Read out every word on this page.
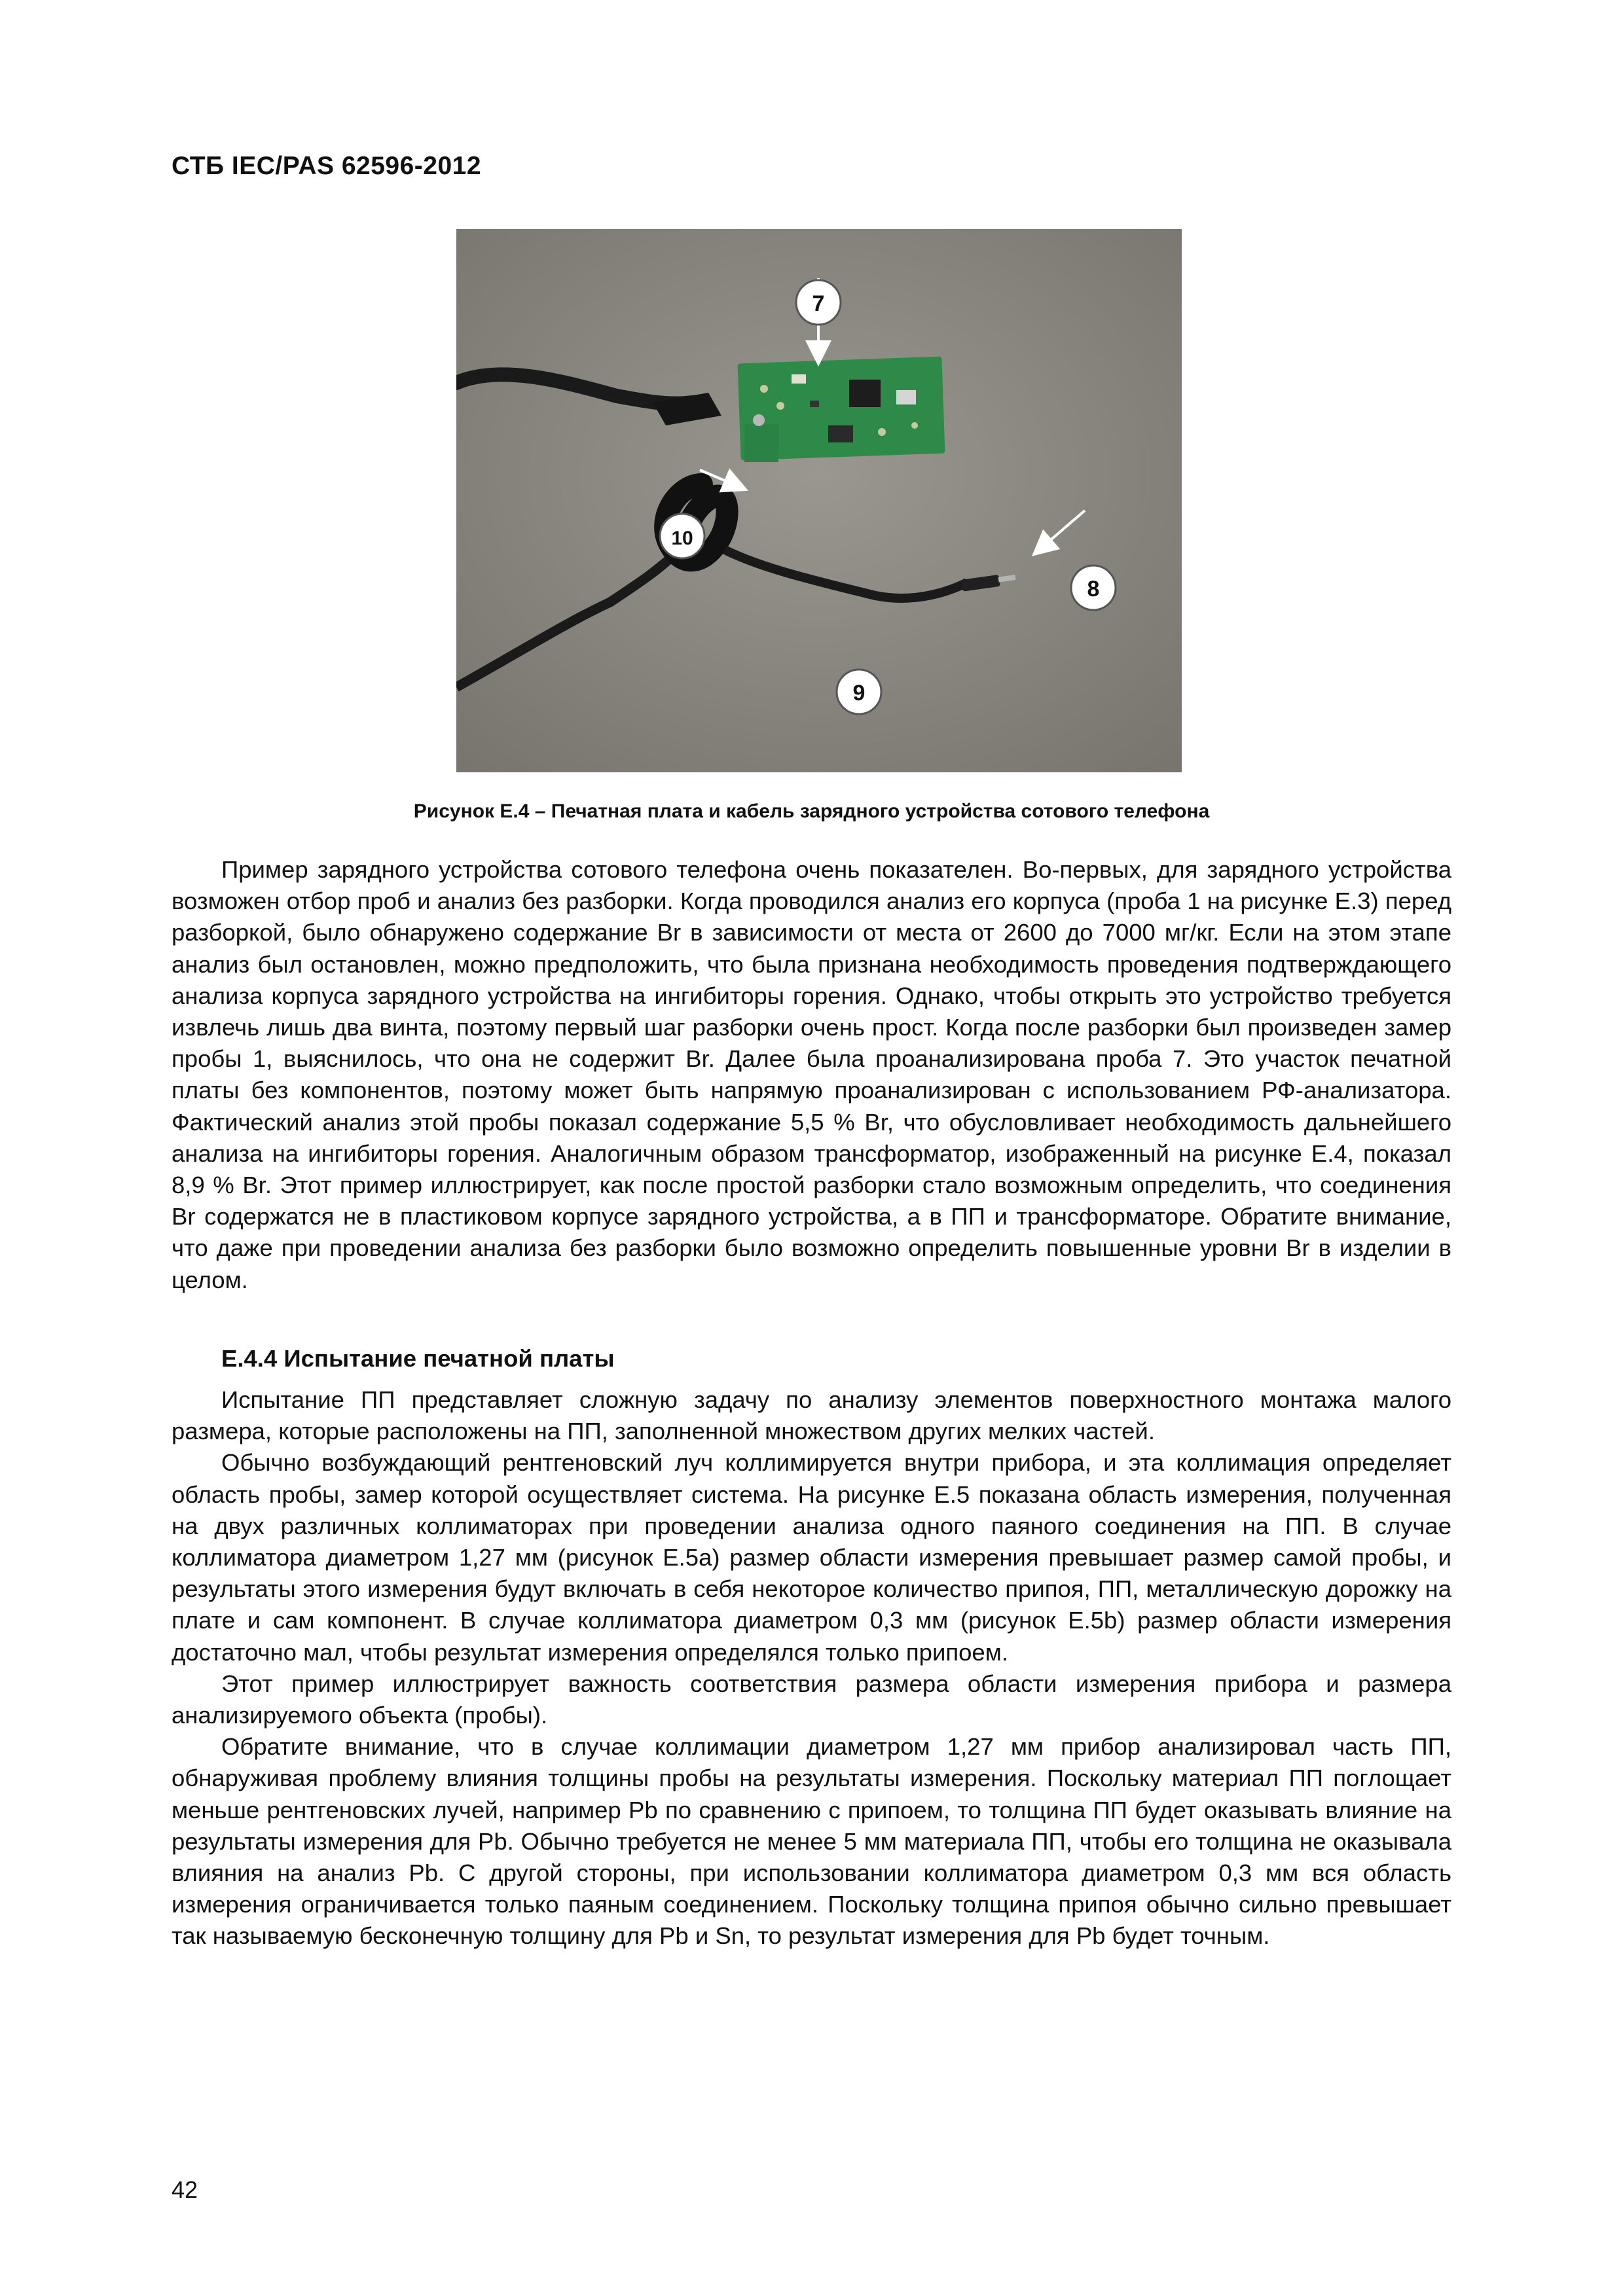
СТБ IEC/PAS 62596-2012
7
10
8
9
Рисунок Е.4 – Печатная плата и кабель зарядного устройства сотового телефона

Пример зарядного устройства сотового телефона очень показателен. Во-первых, для зарядного устройства возможен отбор проб и анализ без разборки. Когда проводился анализ его корпуса (проба 1 на рисунке Е.3) перед разборкой, было обнаружено содержание Br в зависимости от места от 2600 до 7000 мг/кг. Если на этом этапе анализ был остановлен, можно предположить, что была признана необходимость проведения подтверждающего анализа корпуса зарядного устройства на ингибиторы горения. Однако, чтобы открыть это устройство требуется извлечь лишь два винта, поэтому первый шаг разборки очень прост. Когда после разборки был произведен замер пробы 1, выяснилось, что она не содержит Br. Далее была проанализирована проба 7. Это участок печатной платы без компонентов, поэтому может быть напрямую проанализирован с использованием РФ-анализатора. Фактический анализ этой пробы показал содержание 5,5 % Br, что обусловливает необходимость дальнейшего анализа на ингибиторы горения. Аналогичным образом трансформатор, изображенный на рисунке Е.4, показал 8,9 % Br. Этот пример иллюстрирует, как после простой разборки стало возможным определить, что соединения Br содержатся не в пластиковом корпусе зарядного устройства, а в ПП и трансформаторе. Обратите внимание, что даже при проведении анализа без разборки было возможно определить повышенные уровни Br в изделии в целом.

Е.4.4 Испытание печатной платы

Испытание ПП представляет сложную задачу по анализу элементов поверхностного монтажа малого размера, которые расположены на ПП, заполненной множеством других мелких частей.

Обычно возбуждающий рентгеновский луч коллимируется внутри прибора, и эта коллимация определяет область пробы, замер которой осуществляет система. На рисунке Е.5 показана область измерения, полученная на двух различных коллиматорах при проведении анализа одного паяного соединения на ПП. В случае коллиматора диаметром 1,27 мм (рисунок Е.5a) размер области измерения превышает размер самой пробы, и результаты этого измерения будут включать в себя некоторое количество припоя, ПП, металлическую дорожку на плате и сам компонент. В случае коллиматора диаметром 0,3 мм (рисунок Е.5b) размер области измерения достаточно мал, чтобы результат измерения определялся только припоем.

Этот пример иллюстрирует важность соответствия размера области измерения прибора и размера анализируемого объекта (пробы).

Обратите внимание, что в случае коллимации диаметром 1,27 мм прибор анализировал часть ПП, обнаруживая проблему влияния толщины пробы на результаты измерения. Поскольку материал ПП поглощает меньше рентгеновских лучей, например Pb по сравнению с припоем, то толщина ПП будет оказывать влияние на результаты измерения для Pb. Обычно требуется не менее 5 мм материала ПП, чтобы его толщина не оказывала влияния на анализ Pb. С другой стороны, при использовании коллиматора диаметром 0,3 мм вся область измерения ограничивается только паяным соединением. Поскольку толщина припоя обычно сильно превышает так называемую бесконечную толщину для Pb и Sn, то результат измерения для Pb будет точным.

42
